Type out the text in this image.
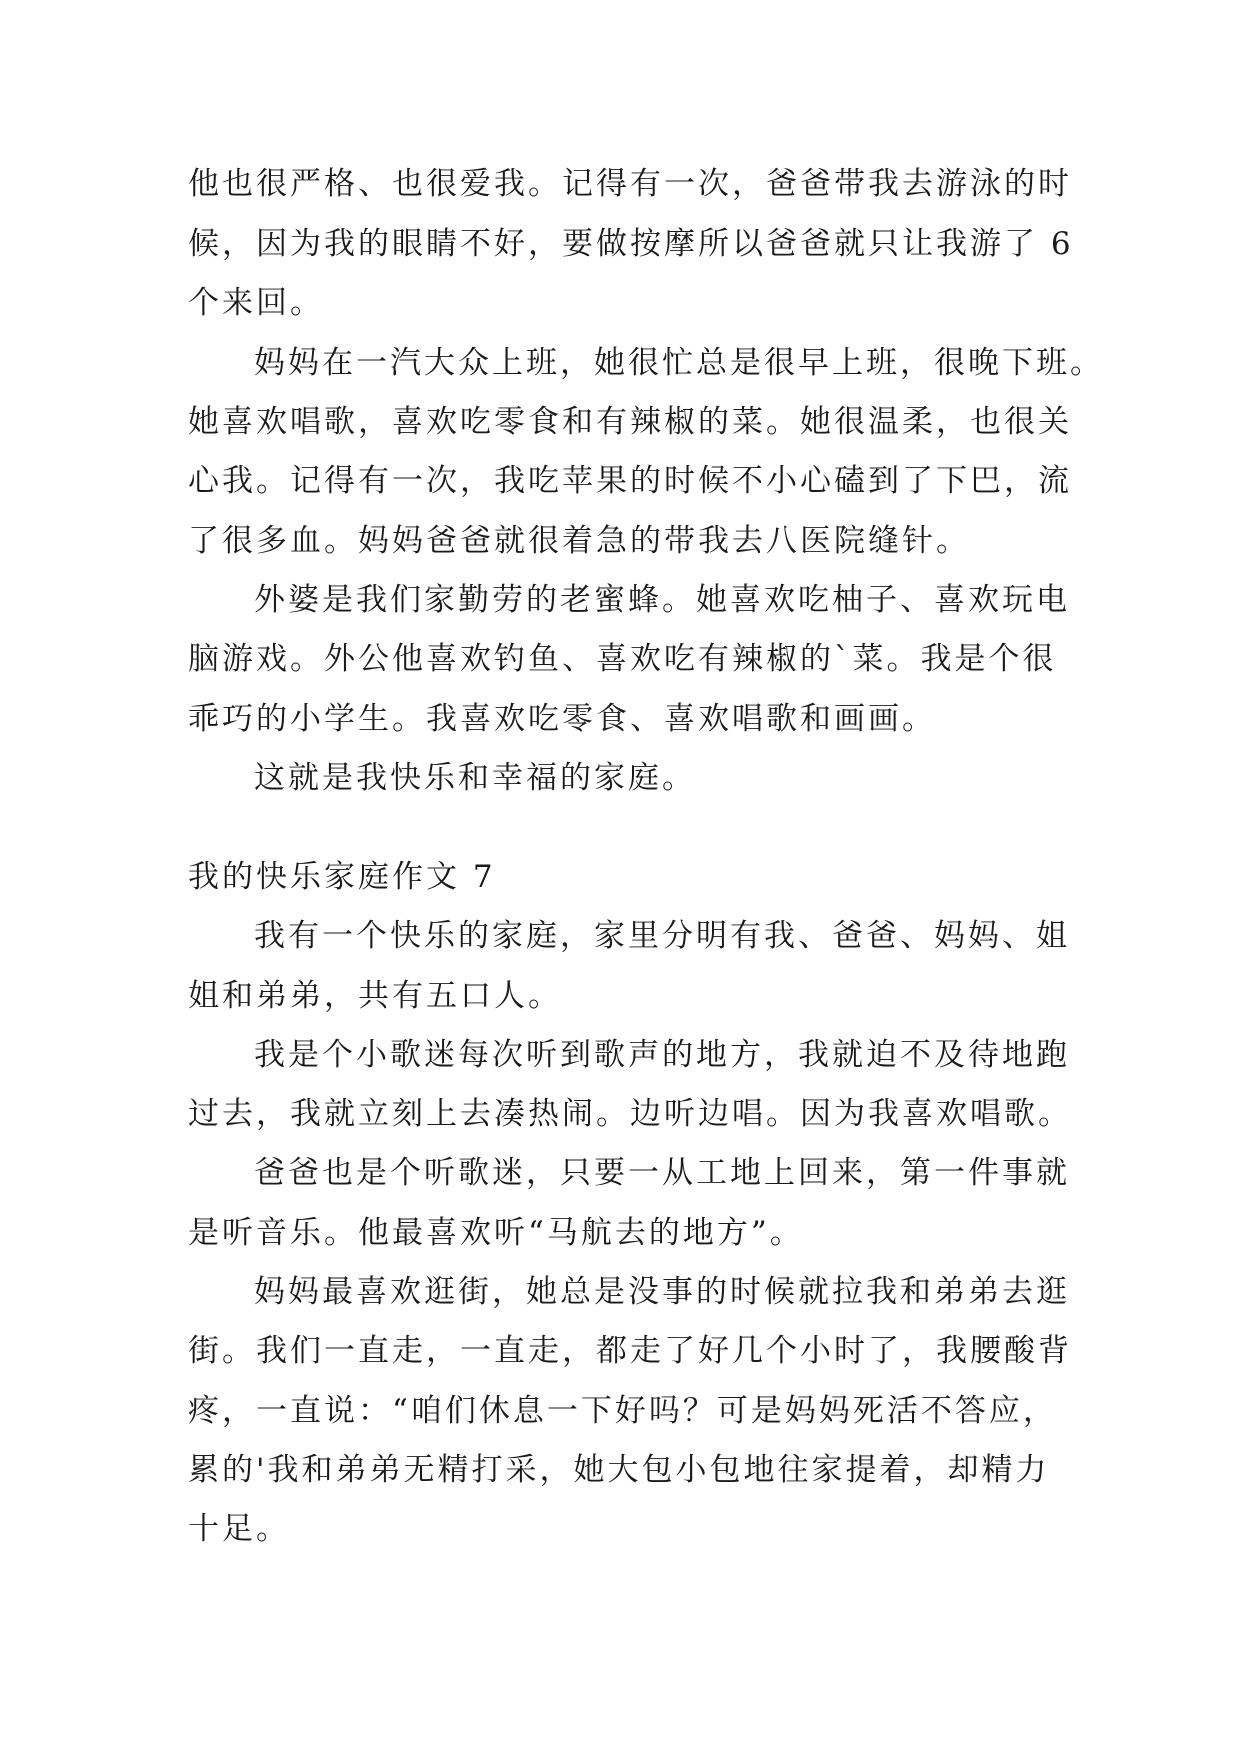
他也很严格、也很爱我。记得有一次，爸爸带我去游泳的时
候，因为我的眼睛不好，要做按摩所以爸爸就只让我游了 6
个来回。
妈妈在一汽大众上班，她很忙总是很早上班，很晚下班。
她喜欢唱歌，喜欢吃零食和有辣椒的菜。她很温柔，也很关
心我。记得有一次，我吃苹果的时候不小心磕到了下巴，流
了很多血。妈妈爸爸就很着急的带我去八医院缝针。
外婆是我们家勤劳的老蜜蜂。她喜欢吃柚子、喜欢玩电
脑游戏。外公他喜欢钓鱼、喜欢吃有辣椒的`菜。我是个很
乖巧的小学生。我喜欢吃零食、喜欢唱歌和画画。
这就是我快乐和幸福的家庭。
我的快乐家庭作文 7
我有一个快乐的家庭，家里分明有我、爸爸、妈妈、姐
姐和弟弟，共有五口人。
我是个小歌迷每次听到歌声的地方，我就迫不及待地跑
过去，我就立刻上去凑热闹。边听边唱。因为我喜欢唱歌。
爸爸也是个听歌迷，只要一从工地上回来，第一件事就
是听音乐。他最喜欢听“马航去的地方”。
妈妈最喜欢逛街，她总是没事的时候就拉我和弟弟去逛
街。我们一直走，一直走，都走了好几个小时了，我腰酸背
疼，一直说：“咱们休息一下好吗？可是妈妈死活不答应，
累的'我和弟弟无精打采，她大包小包地往家提着，却精力
十足。
